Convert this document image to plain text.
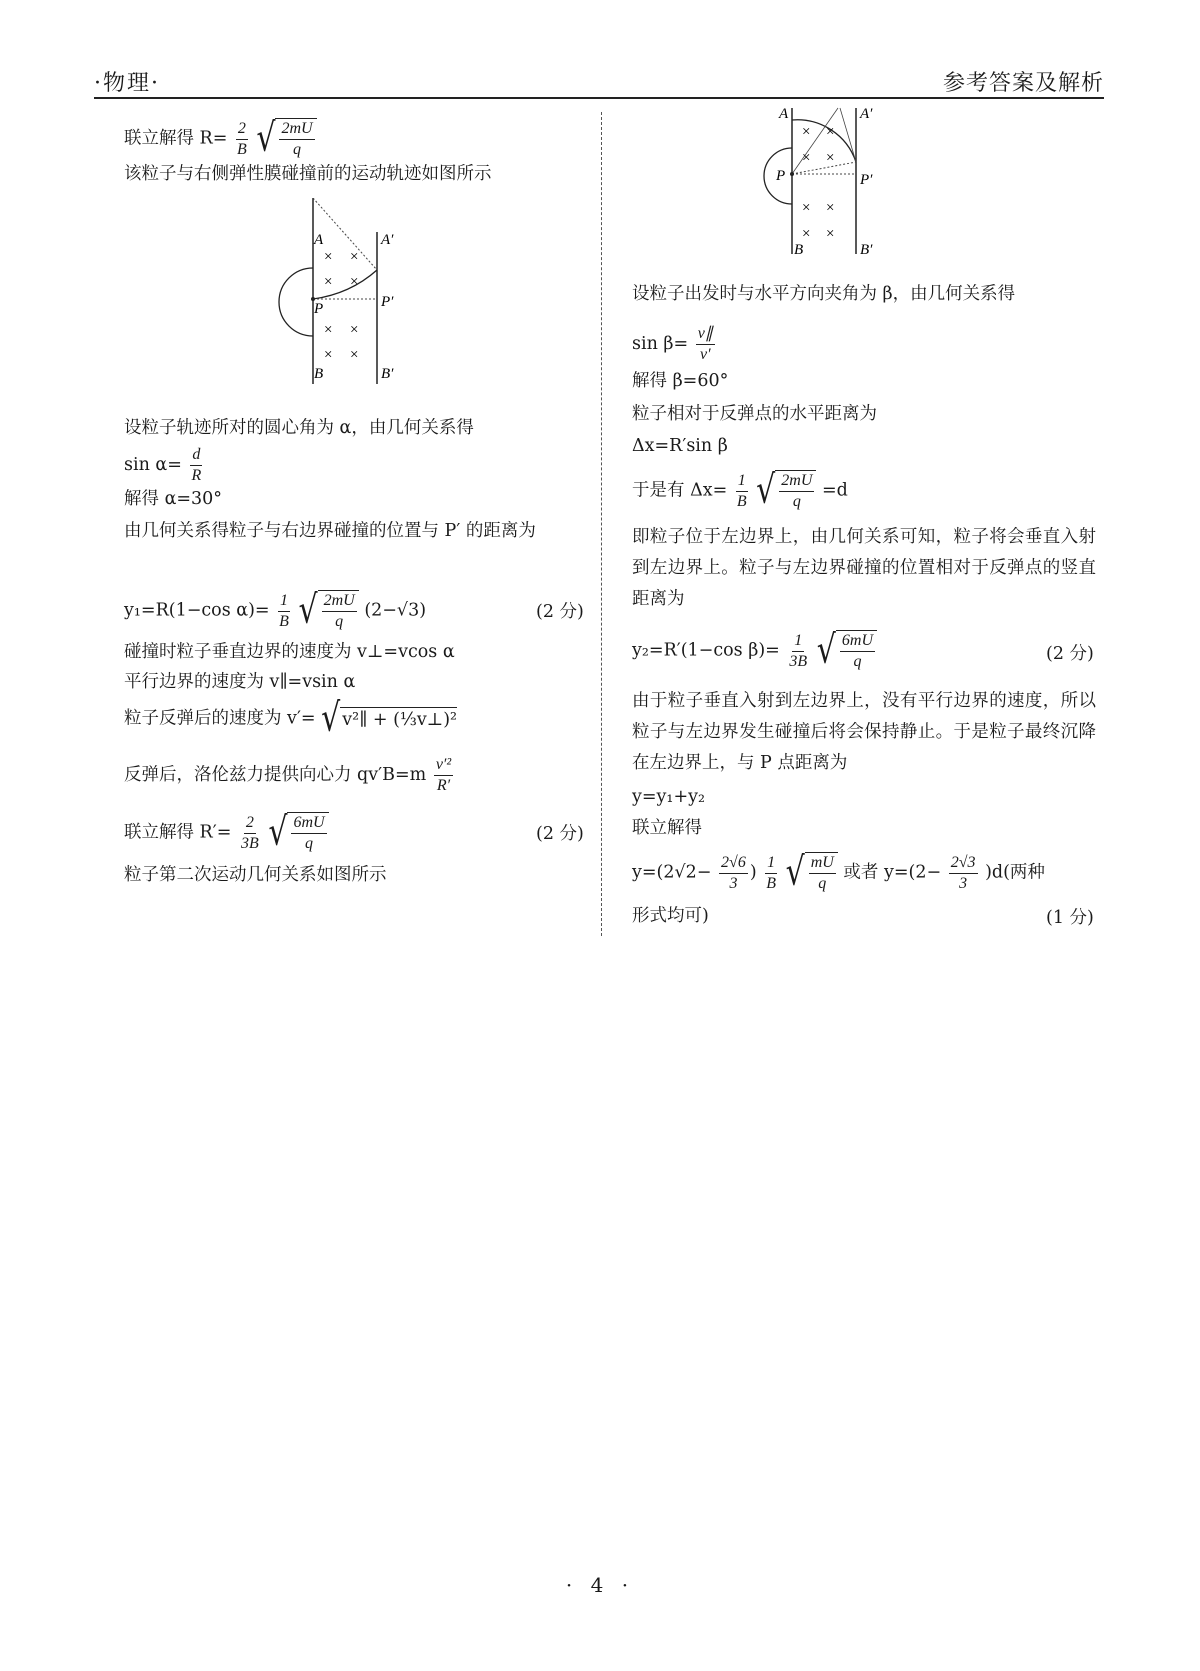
·物理·	参考答案及解析
联立解得 $R= \frac{2}{B}$
√ $\frac{2mU}{q}$
该粒子与右侧弹性膜碰撞前的运动轨迹如图所示
A	A′
P	P′
B	B′
× ×
× ×
× ×
× ×
设粒子轨迹所对的圆心角为 α，由几何关系得
$\sin \alpha= \frac{d}{R}$
解得 α=30°
由几何关系得粒子与右边界碰撞的位置与 P′ 的距离为
y₁=R(1−cos $\alpha)= \frac{1}{B}$
√ $\frac{2mU}{q} (2-√3)$	(2 分)
碰撞时粒子垂直边界的速度为 v⊥=vcos α
平行边界的速度为 v∥=vsin α
粒子反弹后的速度为 v′= √ v²∥ + (⅓v⊥)²
反弹后，洛伦兹力提供向心力 $qv'B=m \frac{\text{v′²}}{R'}$
联立解得 $R'= \frac{2}{3B}$
√ $\frac{6mU}{q}$	(2 分)
粒子第二次运动几何关系如图所示
A	A′
P	P′
B	B′
× ×
× ×
× ×
× ×
设粒子出发时与水平方向夹角为 β，由几何关系得
$\sin \beta= \frac{v\parallel}{v'}$
解得 β=60°
粒子相对于反弹点的水平距离为
Δx=R′sin β
于是有 $\Delta x= \frac{1}{B}$
√ $\frac{2mU}{q} =d$
即粒子位于左边界上，由几何关系可知，粒子将会垂直入射到左边界上。粒子与左边界碰撞的位置相对于反弹点的竖直距离为
y₂=R′(1−cos $\beta)= \frac{1}{3B}$
√ $\frac{6mU}{q}$	(2 分)
由于粒子垂直入射到左边界上，没有平行边界的速度，所以粒子与左边界发生碰撞后将会保持静止。于是粒子最终沉降在左边界上，与 P 点距离为
y=y₁+y₂
联立解得
$y=(2√2- \frac{2√6}{3}$ ) $\frac{1}{B}$
√ $\frac{mU}{q}$ 或者 $y=(2- \frac{2√3}{3} )d$(两种
形式均可)	(1 分)
· 4 ·
